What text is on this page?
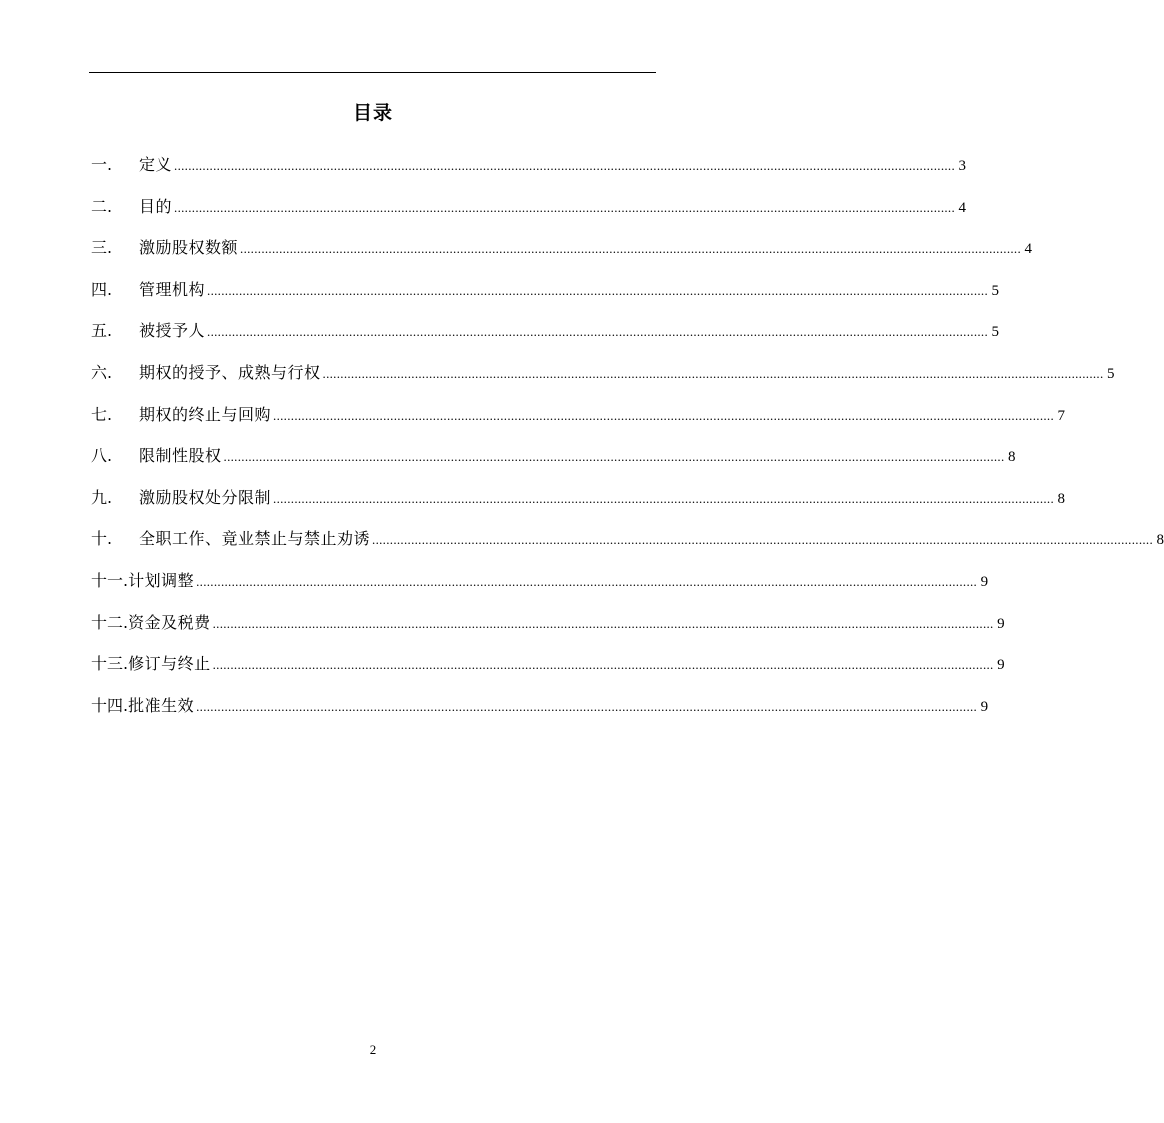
目录
一.	定义 ............................................................................................................................................................................................................................ 3
二.	目的 ............................................................................................................................................................................................................................ 4
三.	激励股权数额 ............................................................................................................................................................................................................................ 4
四.	管理机构 ............................................................................................................................................................................................................................ 5
五.	被授予人 ............................................................................................................................................................................................................................ 5
六.	期权的授予、成熟与行权 ............................................................................................................................................................................................................................ 5
七.	期权的终止与回购 ............................................................................................................................................................................................................................ 7
八.	限制性股权 ............................................................................................................................................................................................................................ 8
九.	激励股权处分限制 ............................................................................................................................................................................................................................ 8
十.	全职工作、竟业禁止与禁止劝诱 ............................................................................................................................................................................................................................ 8
十一. 计划调整 ............................................................................................................................................................................................................................ 9
十二. 资金及税费 ............................................................................................................................................................................................................................ 9
十三. 修订与终止 ............................................................................................................................................................................................................................ 9
十四. 批准生效 ............................................................................................................................................................................................................................ 9
2
